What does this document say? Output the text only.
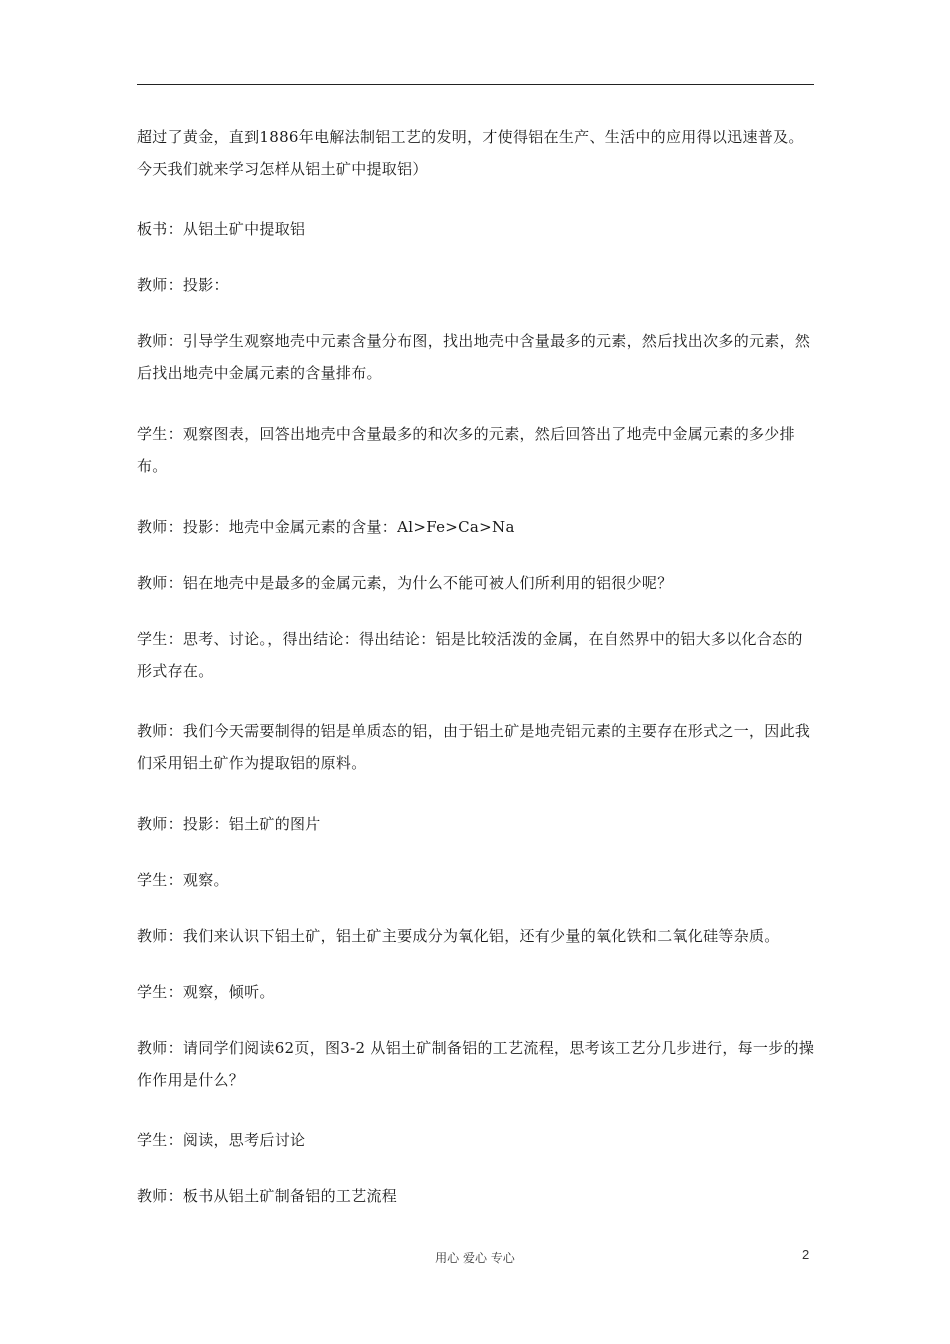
超过了黄金，直到1886年电解法制铝工艺的发明，才使得铝在生产、生活中的应用得以迅速普及。今天我们就来学习怎样从铝土矿中提取铝）

板书：从铝土矿中提取铝

教师：投影：

教师：引导学生观察地壳中元素含量分布图，找出地壳中含量最多的元素，然后找出次多的元素，然后找出地壳中金属元素的含量排布。

学生：观察图表，回答出地壳中含量最多的和次多的元素，然后回答出了地壳中金属元素的多少排布。

教师：投影：地壳中金属元素的含量：Al>Fe>Ca>Na

教师：铝在地壳中是最多的金属元素，为什么不能可被人们所利用的铝很少呢？

学生：思考、讨论。，得出结论：得出结论：铝是比较活泼的金属，在自然界中的铝大多以化合态的形式存在。

教师：我们今天需要制得的铝是单质态的铝，由于铝土矿是地壳铝元素的主要存在形式之一，因此我们采用铝土矿作为提取铝的原料。

教师：投影：铝土矿的图片

学生：观察。

教师：我们来认识下铝土矿，铝土矿主要成分为氧化铝，还有少量的氧化铁和二氧化硅等杂质。

学生：观察，倾听。

教师：请同学们阅读62页，图3-2 从铝土矿制备铝的工艺流程，思考该工艺分几步进行，每一步的操作作用是什么？

学生：阅读，思考后讨论

教师：板书从铝土矿制备铝的工艺流程

用心 爱心 专心	2
